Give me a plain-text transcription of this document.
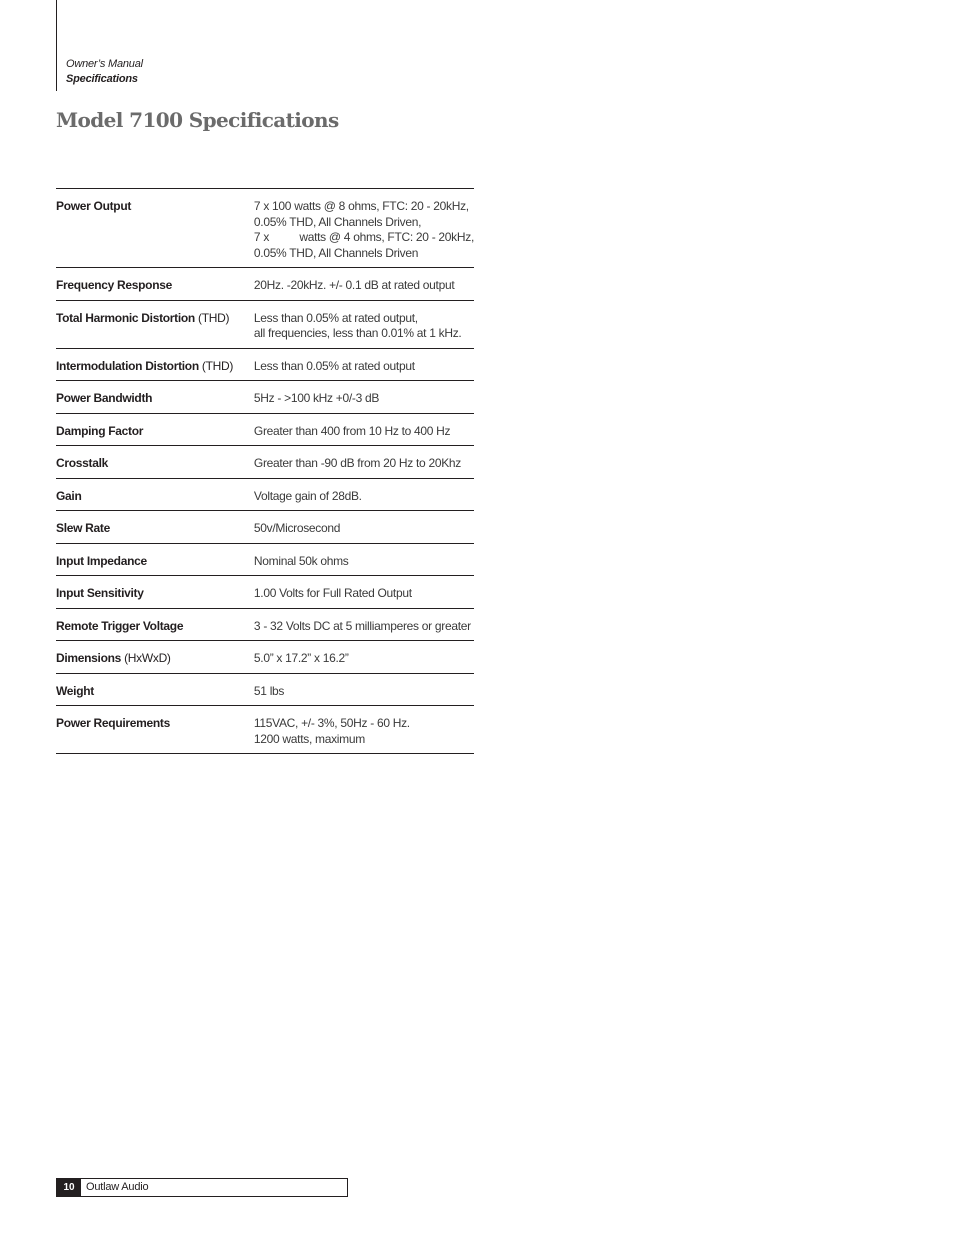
Owner’s Manual
Specifications
Model 7100 Specifications
Power Output	7 x 100 watts @ 8 ohms, FTC: 20 - 20kHz,
0.05% THD, All Channels Driven,
7 x          watts @ 4 ohms, FTC: 20 - 20kHz,
0.05% THD, All Channels Driven

Frequency Response	20Hz. -20kHz. +/- 0.1 dB at rated output

Total Harmonic Distortion (THD)	Less than 0.05% at rated output,
all frequencies, less than 0.01% at 1 kHz.

Intermodulation Distortion (THD)	Less than 0.05% at rated output

Power Bandwidth	5Hz - >100 kHz +0/-3 dB

Damping Factor	Greater than 400 from 10 Hz to 400 Hz

Crosstalk	Greater than -90 dB from 20 Hz to 20Khz

Gain	Voltage gain of 28dB.

Slew Rate	50v/Microsecond

Input Impedance	Nominal 50k ohms

Input Sensitivity	1.00 Volts for Full Rated Output

Remote Trigger Voltage	3 - 32 Volts DC at 5 milliamperes or greater

Dimensions (HxWxD)	5.0” x 17.2” x 16.2”

Weight	51 lbs

Power Requirements	115VAC, +/- 3%, 50Hz - 60 Hz.
1200 watts, maximum
10	Outlaw Audio
